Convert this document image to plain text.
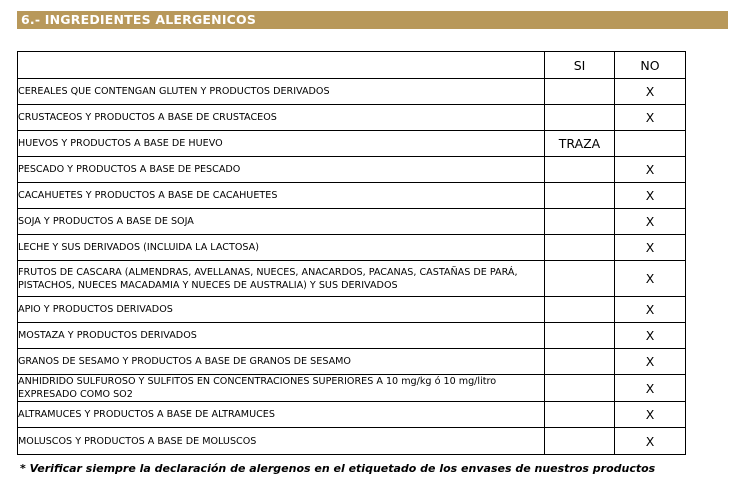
6.- INGREDIENTES ALERGENICOS
	SI	NO
CEREALES QUE CONTENGAN GLUTEN Y PRODUCTOS DERIVADOS		X
CRUSTACEOS Y PRODUCTOS A BASE DE CRUSTACEOS		X
HUEVOS Y PRODUCTOS A BASE DE HUEVO	TRAZA	
PESCADO Y PRODUCTOS A BASE DE PESCADO		X
CACAHUETES Y PRODUCTOS A BASE DE CACAHUETES		X
SOJA Y PRODUCTOS A BASE DE SOJA		X
LECHE Y SUS DERIVADOS (INCLUIDA LA LACTOSA)		X
FRUTOS DE CASCARA (ALMENDRAS, AVELLANAS, NUECES, ANACARDOS, PACANAS, CASTAÑAS DE PARÁ, PISTACHOS, NUECES MACADAMIA Y NUECES DE AUSTRALIA) Y SUS DERIVADOS		X
APIO Y PRODUCTOS DERIVADOS		X
MOSTAZA Y PRODUCTOS DERIVADOS		X
GRANOS DE SESAMO Y PRODUCTOS A BASE DE GRANOS DE SESAMO		X
ANHIDRIDO SULFUROSO Y SULFITOS EN CONCENTRACIONES SUPERIORES A 10 mg/kg ó 10 mg/litro EXPRESADO COMO SO2		X
ALTRAMUCES Y PRODUCTOS A BASE DE ALTRAMUCES		X
MOLUSCOS Y PRODUCTOS A BASE DE MOLUSCOS		X
* Verificar siempre la declaración de alergenos en el etiquetado de los envases de nuestros productos
